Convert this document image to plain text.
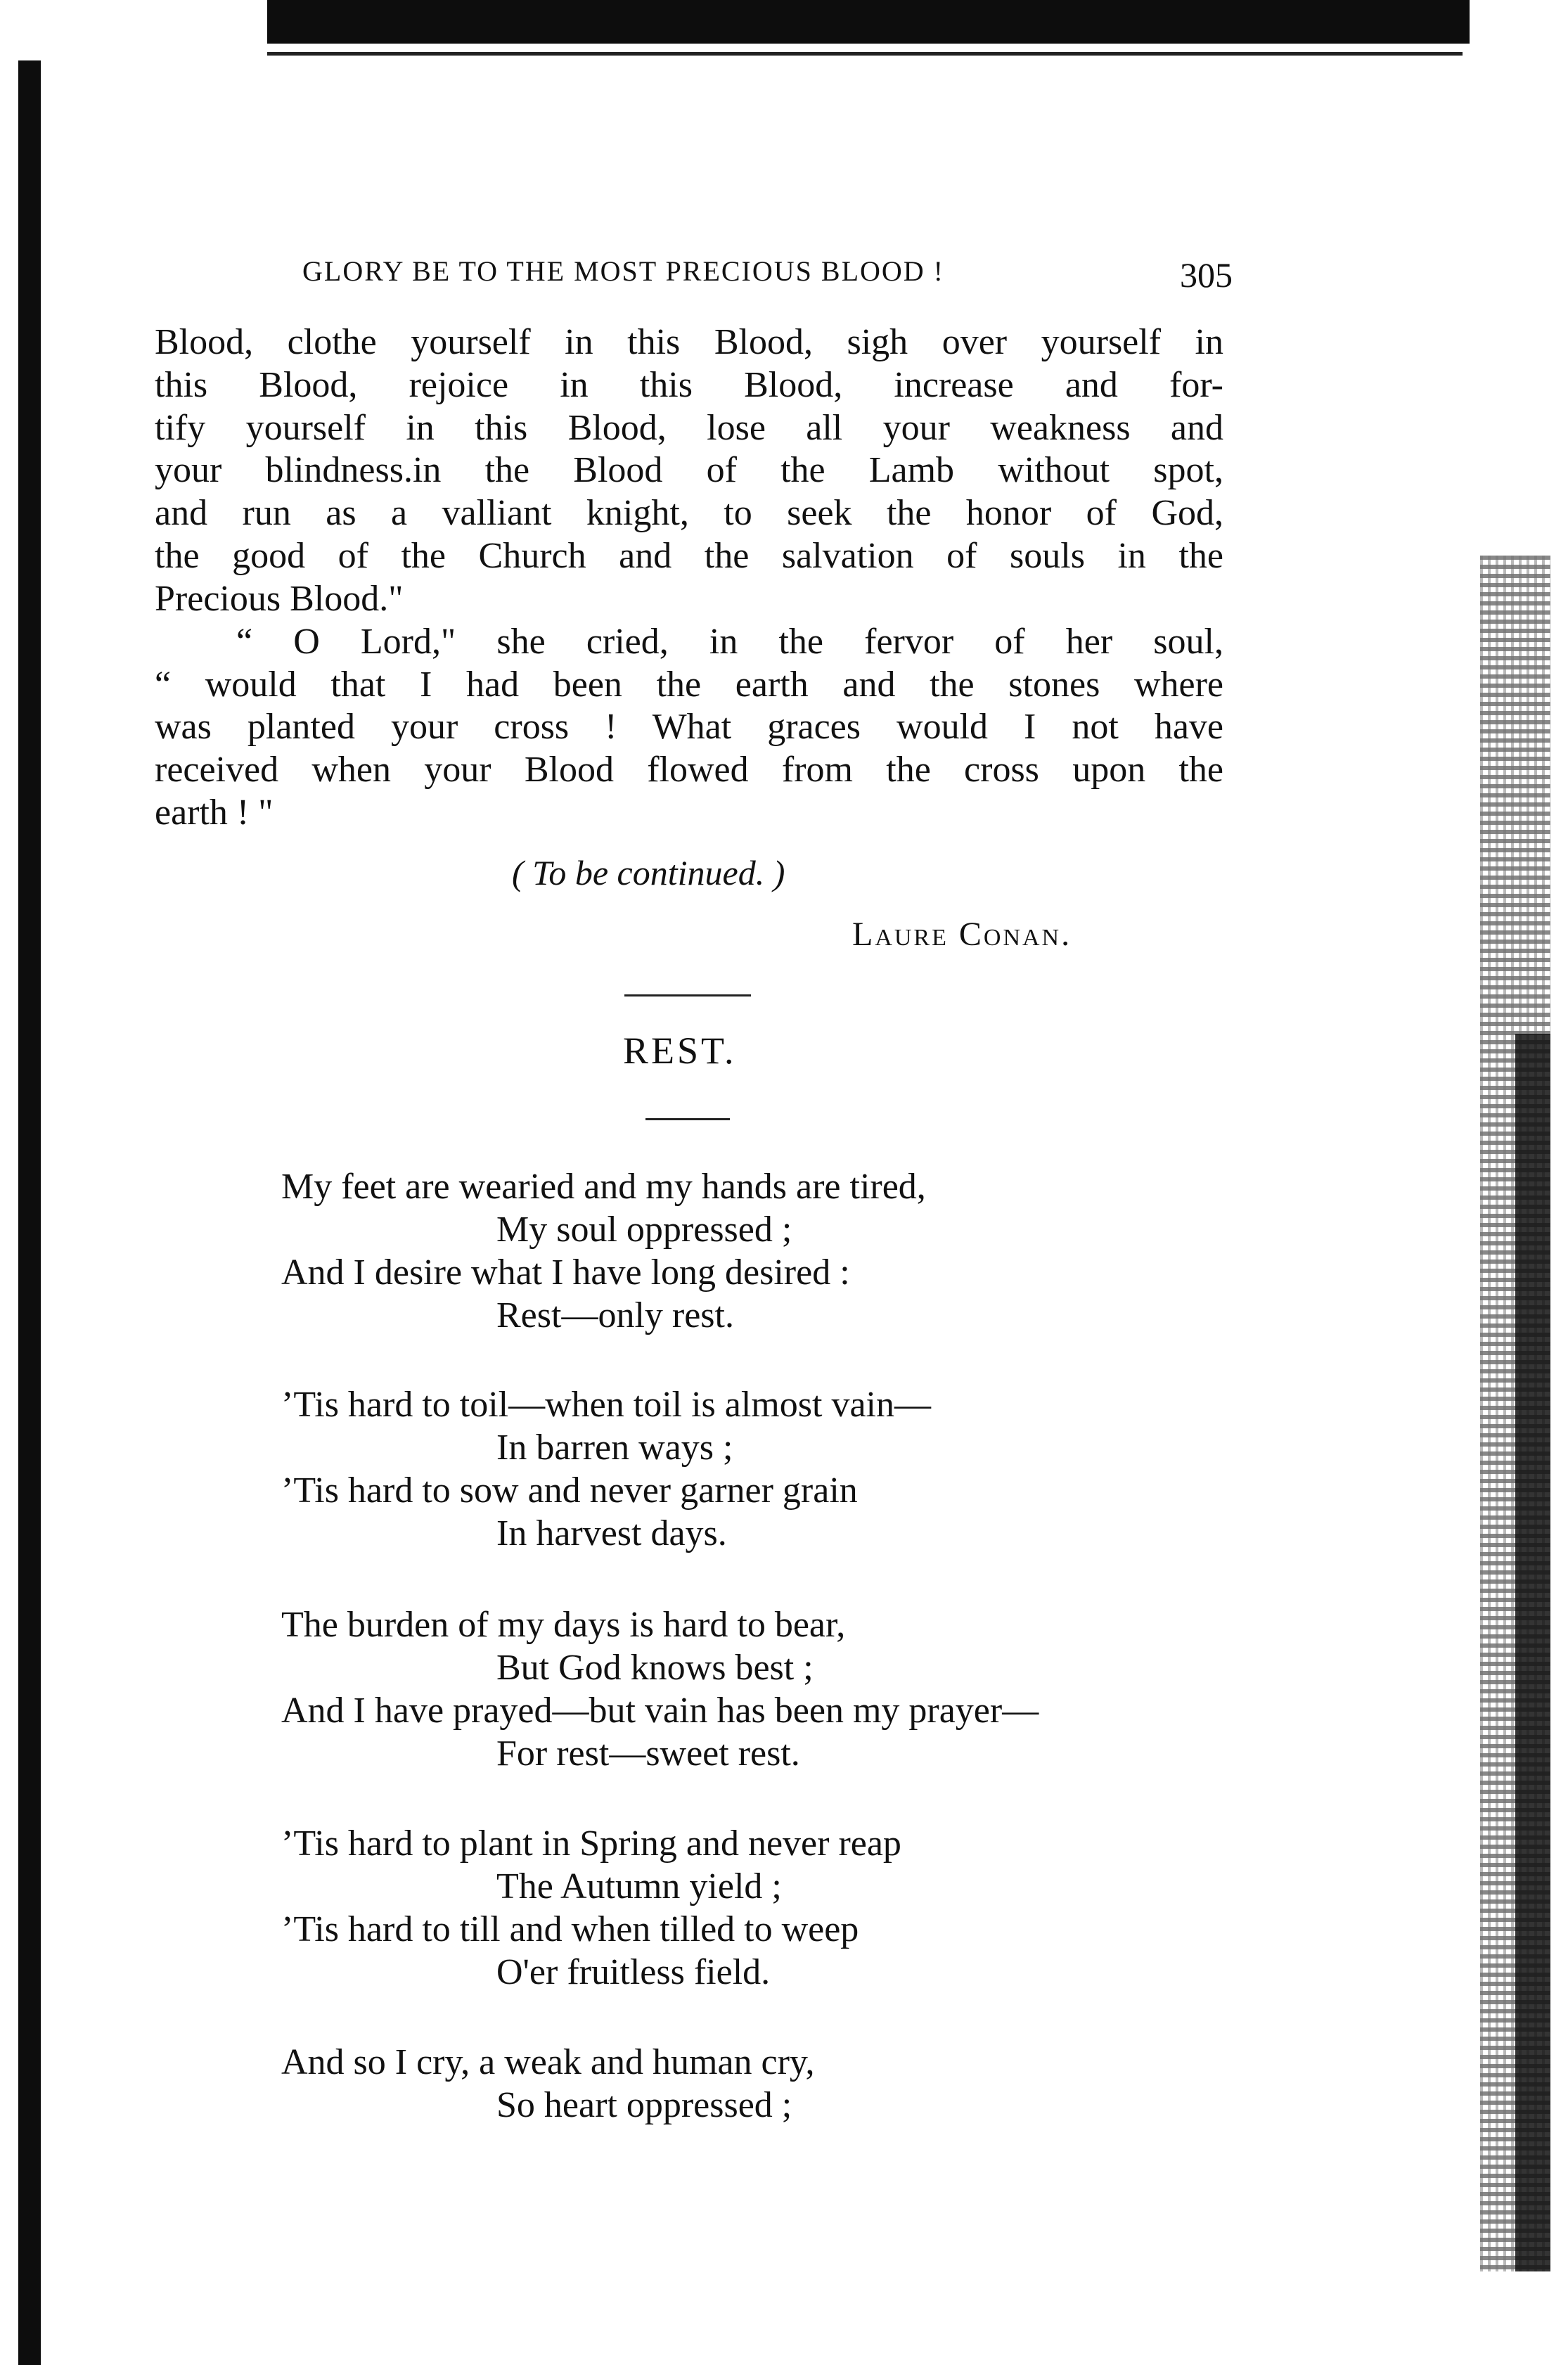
GLORY BE TO THE MOST PRECIOUS BLOOD !	305

Blood, clothe yourself in this Blood, sigh over yourself in

this Blood, rejoice in this Blood, increase and for-

tify yourself in this Blood, lose all your weakness and

your blindness.in the Blood of the Lamb without spot,

and run as a valliant knight, to seek the honor of God,

the good of the Church and the salvation of souls in the

Precious Blood."

“ O Lord," she cried, in the fervor of her soul,

“ would that I had been the earth and the stones where

was planted your cross ! What graces would I not have

received when your Blood flowed from the cross upon the

earth ! "

( To be continued. )
Laure Conan.
REST.

My feet are wearied and my hands are tired,

My soul oppressed ;

And I desire what I have long desired :

Rest—only rest.

’Tis hard to toil—when toil is almost vain—

In barren ways ;

’Tis hard to sow and never garner grain

In harvest days.

The burden of my days is hard to bear,

But God knows best ;

And I have prayed—but vain has been my prayer—

For rest—sweet rest.

’Tis hard to plant in Spring and never reap

The Autumn yield ;

’Tis hard to till and when tilled to weep

O'er fruitless field.

And so I cry, a weak and human cry,

So heart oppressed ;
